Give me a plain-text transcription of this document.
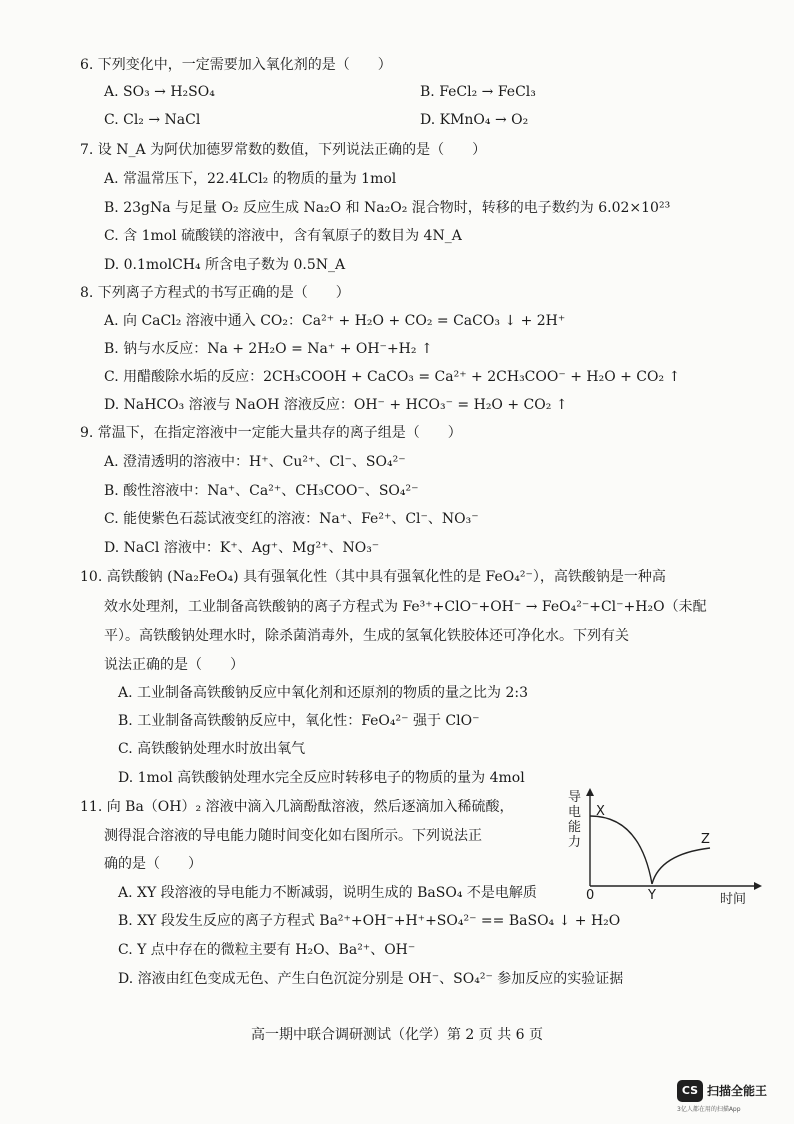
6. 下列变化中，一定需要加入氧化剂的是（　　）
A. SO₃ → H₂SO₄	B. FeCl₂ → FeCl₃
C. Cl₂ → NaCl	D. KMnO₄ → O₂
7. 设 N_A 为阿伏加德罗常数的数值，下列说法正确的是（　　）
A. 常温常压下，22.4LCl₂ 的物质的量为 1mol
B. 23gNa 与足量 O₂ 反应生成 Na₂O 和 Na₂O₂ 混合物时，转移的电子数约为 6.02×10²³
C. 含 1mol 硫酸镁的溶液中，含有氧原子的数目为 4N_A
D. 0.1molCH₄ 所含电子数为 0.5N_A
8. 下列离子方程式的书写正确的是（　　）
A. 向 CaCl₂ 溶液中通入 CO₂：Ca²⁺ + H₂O + CO₂ = CaCO₃ ↓ + 2H⁺
B. 钠与水反应：Na + 2H₂O = Na⁺ + OH⁻+H₂ ↑
C. 用醋酸除水垢的反应：2CH₃COOH + CaCO₃ = Ca²⁺ + 2CH₃COO⁻ + H₂O + CO₂ ↑
D. NaHCO₃ 溶液与 NaOH 溶液反应：OH⁻ + HCO₃⁻ = H₂O + CO₂ ↑
9. 常温下，在指定溶液中一定能大量共存的离子组是（　　）
A. 澄清透明的溶液中：H⁺、Cu²⁺、Cl⁻、SO₄²⁻
B. 酸性溶液中：Na⁺、Ca²⁺、CH₃COO⁻、SO₄²⁻
C. 能使紫色石蕊试液变红的溶液：Na⁺、Fe²⁺、Cl⁻、NO₃⁻
D. NaCl 溶液中：K⁺、Ag⁺、Mg²⁺、NO₃⁻
10. 高铁酸钠 (Na₂FeO₄) 具有强氧化性（其中具有强氧化性的是 FeO₄²⁻），高铁酸钠是一种高
效水处理剂，工业制备高铁酸钠的离子方程式为 Fe³⁺+ClO⁻+OH⁻ → FeO₄²⁻+Cl⁻+H₂O（未配
平）。高铁酸钠处理水时，除杀菌消毒外，生成的氢氧化铁胶体还可净化水。下列有关
说法正确的是（　　）
A. 工业制备高铁酸钠反应中氧化剂和还原剂的物质的量之比为 2:3
B. 工业制备高铁酸钠反应中，氧化性：FeO₄²⁻ 强于 ClO⁻
C. 高铁酸钠处理水时放出氧气
D. 1mol 高铁酸钠处理水完全反应时转移电子的物质的量为 4mol
11. 向 Ba（OH）₂ 溶液中滴入几滴酚酞溶液，然后逐滴加入稀硫酸，
测得混合溶液的导电能力随时间变化如右图所示。下列说法正
确的是（　　）
A. XY 段溶液的导电能力不断减弱，说明生成的 BaSO₄ 不是电解质
B. XY 段发生反应的离子方程式 Ba²⁺+OH⁻+H⁺+SO₄²⁻ == BaSO₄ ↓ + H₂O
C. Y 点中存在的微粒主要有 H₂O、Ba²⁺、OH⁻
D. 溶液由红色变成无色、产生白色沉淀分别是 OH⁻、SO₄²⁻ 参加反应的实验证据
导电能力
X
Z
0	Y	时间
高一期中联合调研测试（化学）第 2 页 共 6 页
CS 扫描全能王
3亿人都在用的扫描App
